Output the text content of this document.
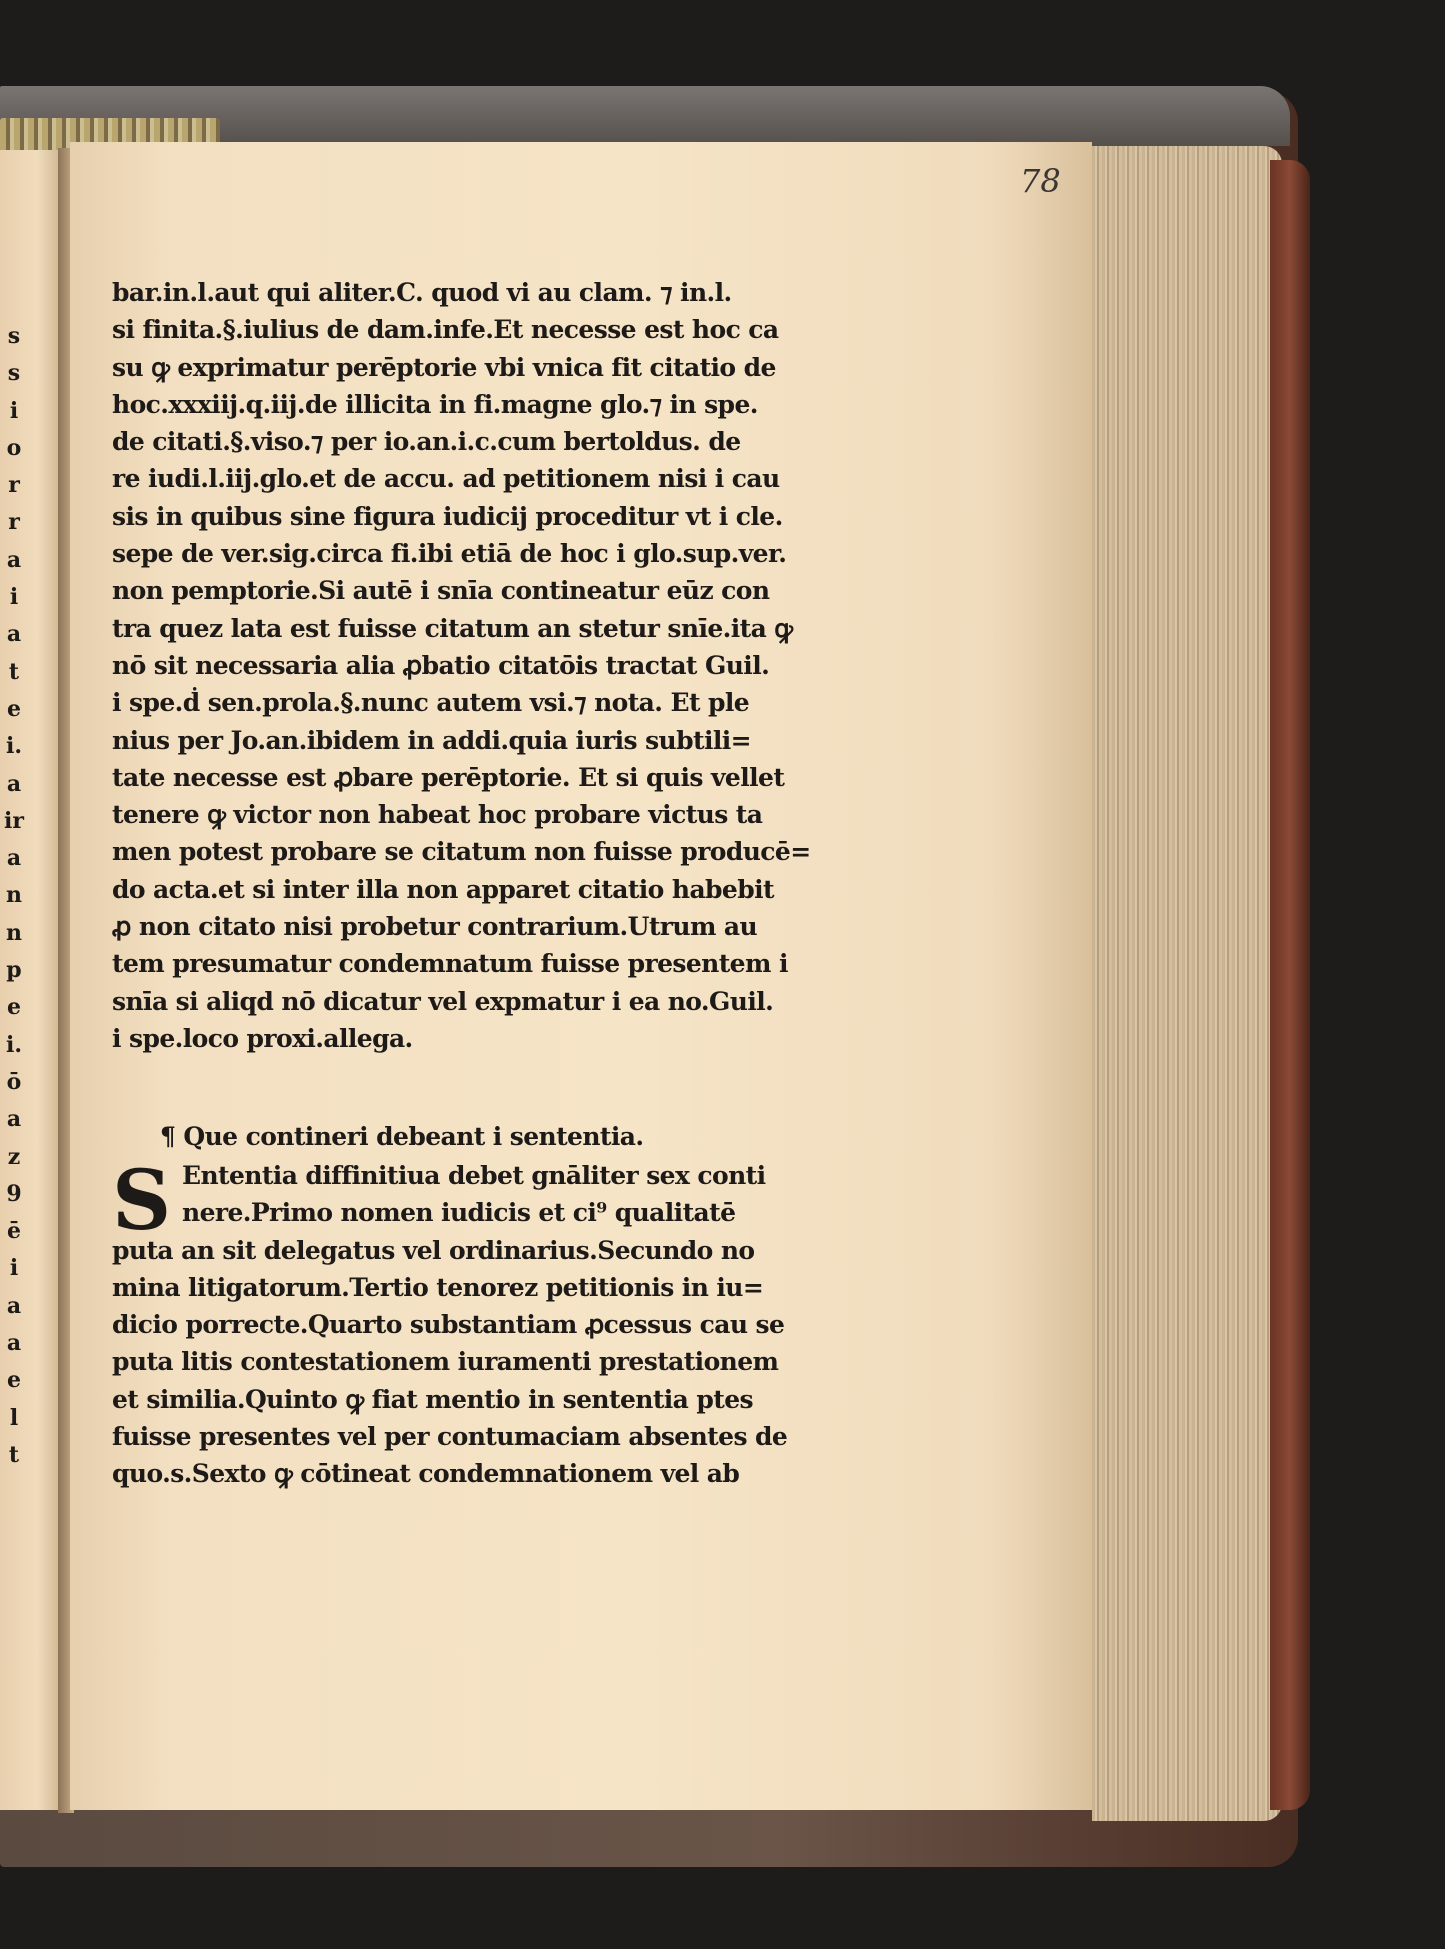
78
s
s
i
o
r
r
a
i
a
t
e
i.
a
ir
a
n
n
p
e
i.
ō
a
z
9
ē
i
a
a
e
l
t
bar.in.l.aut qui aliter.C. quod vi au clam. ⁊ in.l.
si finita.§.iulius de dam.infe.Et necesse est hoc ca
su ꝙ exprimatur perēptorie vbi vnica fit citatio de
hoc.xxxiij.q.iij.de illicita in fi.magne glo.⁊ in spe.
de citati.§.viso.⁊ per io.an.i.c.cum bertoldus. de
re iudi.l.iij.glo.et de accu. ad petitionem nisi i cau
sis in quibus sine figura iudicij proceditur vt i cle.
sepe de ver.sig.circa fi.ibi etiā de hoc i glo.sup.ver.
non pemptorie.Si autē i snīa contineatur eūz con
tra quez lata est fuisse citatum an stetur snīe.ita ꝙ
nō sit necessaria alia ꝓbatio citatōis tractat Guil.
i spe.ḋ sen.prola.§.nunc autem vsi.⁊ nota. Et ple
nius per Jo.an.ibidem in addi.quia iuris subtili=
tate necesse est ꝓbare perēptorie. Et si quis vellet
tenere ꝙ victor non habeat hoc probare victus ta
men potest probare se citatum non fuisse producē=
do acta.et si inter illa non apparet citatio habebit
ꝓ non citato nisi probetur contrarium.Utrum au
tem presumatur condemnatum fuisse presentem i
snīa si aliqd nō dicatur vel expmatur i ea no.Guil.
i spe.loco proxi.allega.
¶ Que contineri debeant i sententia.
S Ententia diffinitiua debet gnāliter sex conti
nere.Primo nomen iudicis et ci⁹ qualitatē
puta an sit delegatus vel ordinarius.Secundo no
mina litigatorum.Tertio tenorez petitionis in iu=
dicio porrecte.Quarto substantiam ꝓcessus cau se
puta litis contestationem iuramenti prestationem
et similia.Quinto ꝙ fiat mentio in sententia ptes
fuisse presentes vel per contumaciam absentes de
quo.s.Sexto ꝙ cōtineat condemnationem vel ab
